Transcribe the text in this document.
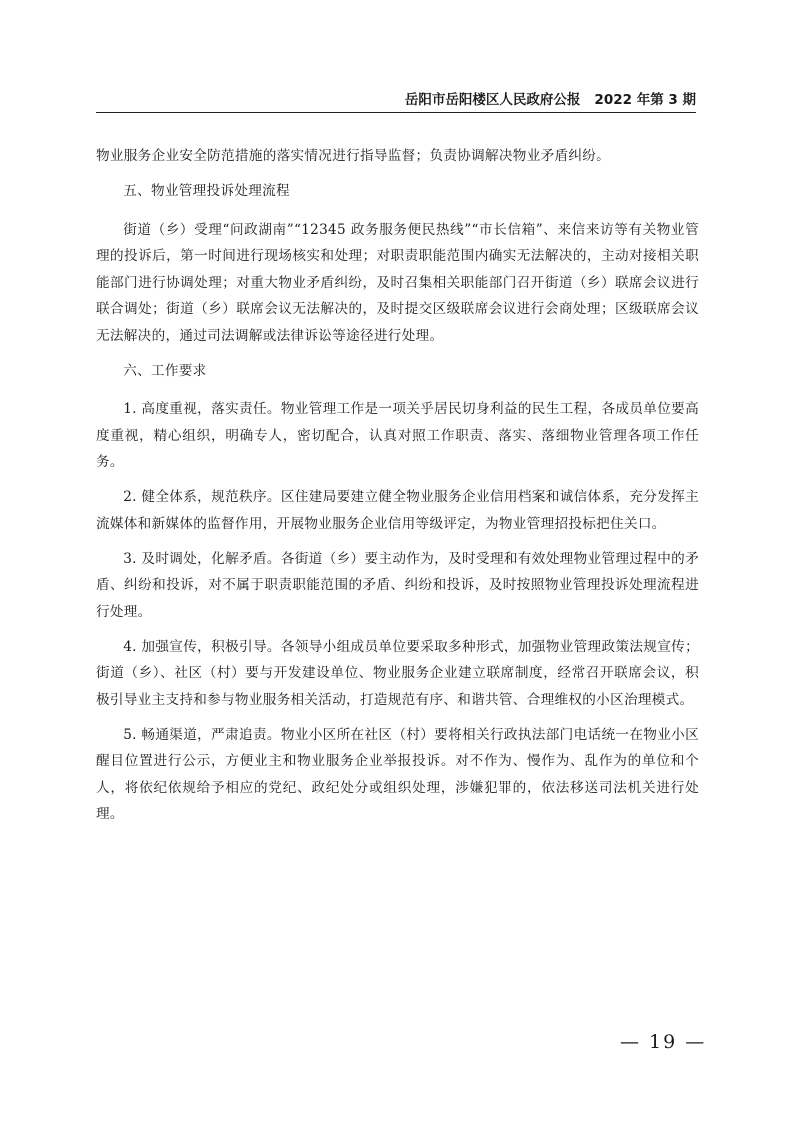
岳阳市岳阳楼区人民政府公报 2022 年第 3 期

物业服务企业安全防范措施的落实情况进行指导监督；负责协调解决物业矛盾纠纷。

五、物业管理投诉处理流程

街道（乡）受理“问政湖南”“12345 政务服务便民热线”“市长信箱”、来信来访等有关物业管理的投诉后，第一时间进行现场核实和处理；对职责职能范围内确实无法解决的，主动对接相关职能部门进行协调处理；对重大物业矛盾纠纷，及时召集相关职能部门召开街道（乡）联席会议进行联合调处；街道（乡）联席会议无法解决的，及时提交区级联席会议进行会商处理；区级联席会议无法解决的，通过司法调解或法律诉讼等途径进行处理。

六、工作要求

1. 高度重视，落实责任。物业管理工作是一项关乎居民切身利益的民生工程，各成员单位要高度重视，精心组织，明确专人，密切配合，认真对照工作职责、落实、落细物业管理各项工作任务。

2. 健全体系，规范秩序。区住建局要建立健全物业服务企业信用档案和诚信体系，充分发挥主流媒体和新媒体的监督作用，开展物业服务企业信用等级评定，为物业管理招投标把住关口。

3. 及时调处，化解矛盾。各街道（乡）要主动作为，及时受理和有效处理物业管理过程中的矛盾、纠纷和投诉，对不属于职责职能范围的矛盾、纠纷和投诉，及时按照物业管理投诉处理流程进行处理。

4. 加强宣传，积极引导。各领导小组成员单位要采取多种形式，加强物业管理政策法规宣传；街道（乡）、社区（村）要与开发建设单位、物业服务企业建立联席制度，经常召开联席会议，积极引导业主支持和参与物业服务相关活动，打造规范有序、和谐共管、合理维权的小区治理模式。

5. 畅通渠道，严肃追责。物业小区所在社区（村）要将相关行政执法部门电话统一在物业小区醒目位置进行公示，方便业主和物业服务企业举报投诉。对不作为、慢作为、乱作为的单位和个人，将依纪依规给予相应的党纪、政纪处分或组织处理，涉嫌犯罪的，依法移送司法机关进行处理。

— 19 —
